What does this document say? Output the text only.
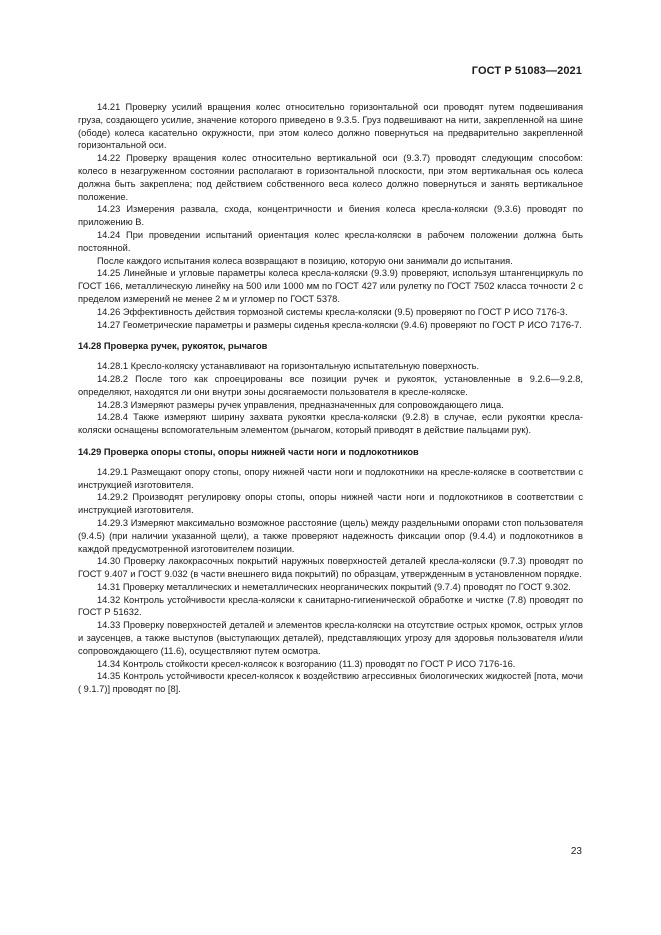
ГОСТ Р 51083—2021

14.21 Проверку усилий вращения колес относительно горизонтальной оси проводят путем подвешивания груза, создающего усилие, значение которого приведено в 9.3.5. Груз подвешивают на нити, закрепленной на шине (ободе) колеса касательно окружности, при этом колесо должно повернуться на предварительно закрепленной горизонтальной оси.

14.22 Проверку вращения колес относительно вертикальной оси (9.3.7) проводят следующим способом: колесо в незагруженном состоянии располагают в горизонтальной плоскости, при этом вертикальная ось колеса должна быть закреплена; под действием собственного веса колесо должно повернуться и занять вертикальное положение.

14.23 Измерения развала, схода, концентричности и биения колеса кресла-коляски (9.3.6) проводят по приложению В.

14.24 При проведении испытаний ориентация колес кресла-коляски в рабочем положении должна быть постоянной.

После каждого испытания колеса возвращают в позицию, которую они занимали до испытания.

14.25 Линейные и угловые параметры колеса кресла-коляски (9.3.9) проверяют, используя штангенциркуль по ГОСТ 166, металлическую линейку на 500 или 1000 мм по ГОСТ 427 или рулетку по ГОСТ 7502 класса точности 2 с пределом измерений не менее 2 м и угломер по ГОСТ 5378.

14.26 Эффективность действия тормозной системы кресла-коляски (9.5) проверяют по ГОСТ Р ИСО 7176-3.

14.27 Геометрические параметры и размеры сиденья кресла-коляски (9.4.6) проверяют по ГОСТ Р ИСО 7176-7.

14.28 Проверка ручек, рукояток, рычагов

14.28.1 Кресло-коляску устанавливают на горизонтальную испытательную поверхность.

14.28.2 После того как спроецированы все позиции ручек и рукояток, установленные в 9.2.6—9.2.8, определяют, находятся ли они внутри зоны досягаемости пользователя в кресле-коляске.

14.28.3 Измеряют размеры ручек управления, предназначенных для сопровождающего лица.

14.28.4 Также измеряют ширину захвата рукоятки кресла-коляски (9.2.8) в случае, если рукоятки кресла-коляски оснащены вспомогательным элементом (рычагом, который приводят в действие пальцами рук).

14.29 Проверка опоры стопы, опоры нижней части ноги и подлокотников

14.29.1 Размещают опору стопы, опору нижней части ноги и подлокотники на кресле-коляске в соответствии с инструкцией изготовителя.

14.29.2 Производят регулировку опоры стопы, опоры нижней части ноги и подлокотников в соответствии с инструкцией изготовителя.

14.29.3 Измеряют максимально возможное расстояние (щель) между раздельными опорами стоп пользователя (9.4.5) (при наличии указанной щели), а также проверяют надежность фиксации опор (9.4.4) и подлокотников в каждой предусмотренной изготовителем позиции.

14.30 Проверку лакокрасочных покрытий наружных поверхностей деталей кресла-коляски (9.7.3) проводят по ГОСТ 9.407 и ГОСТ 9.032 (в части внешнего вида покрытий) по образцам, утвержденным в установленном порядке.

14.31 Проверку металлических и неметаллических неорганических покрытий (9.7.4) проводят по ГОСТ 9.302.

14.32 Контроль устойчивости кресла-коляски к санитарно-гигиенической обработке и чистке (7.8) проводят по ГОСТ Р 51632.

14.33 Проверку поверхностей деталей и элементов кресла-коляски на отсутствие острых кромок, острых углов и заусенцев, а также выступов (выступающих деталей), представляющих угрозу для здоровья пользователя и/или сопровождающего (11.6), осуществляют путем осмотра.

14.34 Контроль стойкости кресел-колясок к возгоранию (11.3) проводят по ГОСТ Р ИСО 7176-16.

14.35 Контроль устойчивости кресел-колясок к воздействию агрессивных биологических жидкостей [пота, мочи ( 9.1.7)] проводят по [8].

23
